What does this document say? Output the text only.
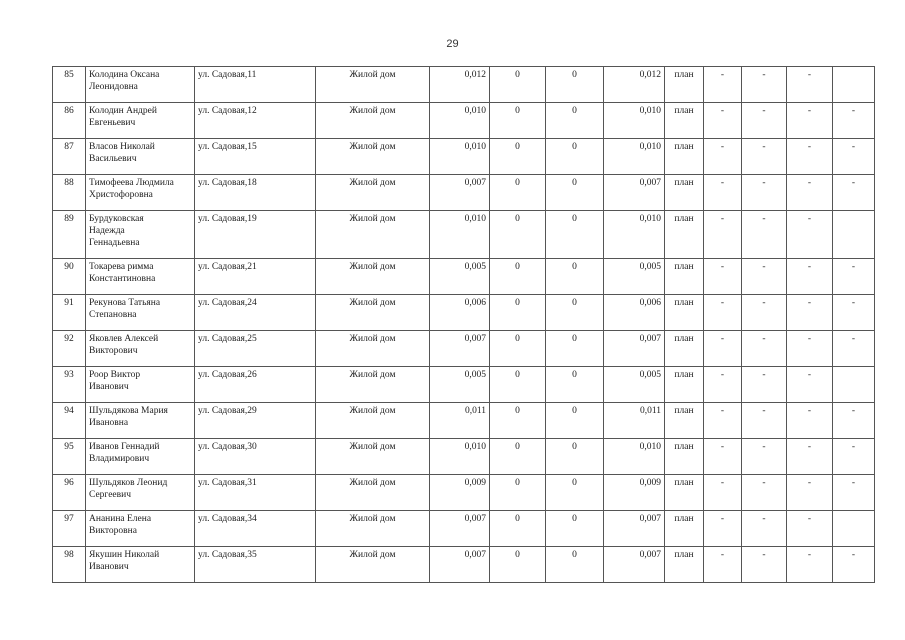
29
85	Колодина Оксана
Леонидовна	ул. Садовая,11	Жилой дом	0,012	0	0	0,012	план	-	-	-	
86	Колодин Андрей
Евгеньевич	ул. Садовая,12	Жилой дом	0,010	0	0	0,010	план	-	-	-	-
87	Власов Николай
Васильевич	ул. Садовая,15	Жилой дом	0,010	0	0	0,010	план	-	-	-	-
88	Тимофеева Людмила
Христофоровна	ул. Садовая,18	Жилой дом	0,007	0	0	0,007	план	-	-	-	-
89	Бурдуковская
Надежда
Геннадьевна	ул. Садовая,19	Жилой дом	0,010	0	0	0,010	план	-	-	-	
90	Токарева римма
Константиновна	ул. Садовая,21	Жилой дом	0,005	0	0	0,005	план	-	-	-	-
91	Рекунова Татьяна
Степановна	ул. Садовая,24	Жилой дом	0,006	0	0	0,006	план	-	-	-	-
92	Яковлев Алексей
Викторович	ул. Садовая,25	Жилой дом	0,007	0	0	0,007	план	-	-	-	-
93	Роор Виктор
Иванович	ул. Садовая,26	Жилой дом	0,005	0	0	0,005	план	-	-	-	
94	Шульдякова Мария
Ивановна	ул. Садовая,29	Жилой дом	0,011	0	0	0,011	план	-	-	-	-
95	Иванов Геннадий
Владимирович	ул. Садовая,30	Жилой дом	0,010	0	0	0,010	план	-	-	-	-
96	Шульдяков Леонид
Сергеевич	ул. Садовая,31	Жилой дом	0,009	0	0	0,009	план	-	-	-	-
97	Ананина Елена
Викторовна	ул. Садовая,34	Жилой дом	0,007	0	0	0,007	план	-	-	-	
98	Якушин Николай
Иванович	ул. Садовая,35	Жилой дом	0,007	0	0	0,007	план	-	-	-	-
